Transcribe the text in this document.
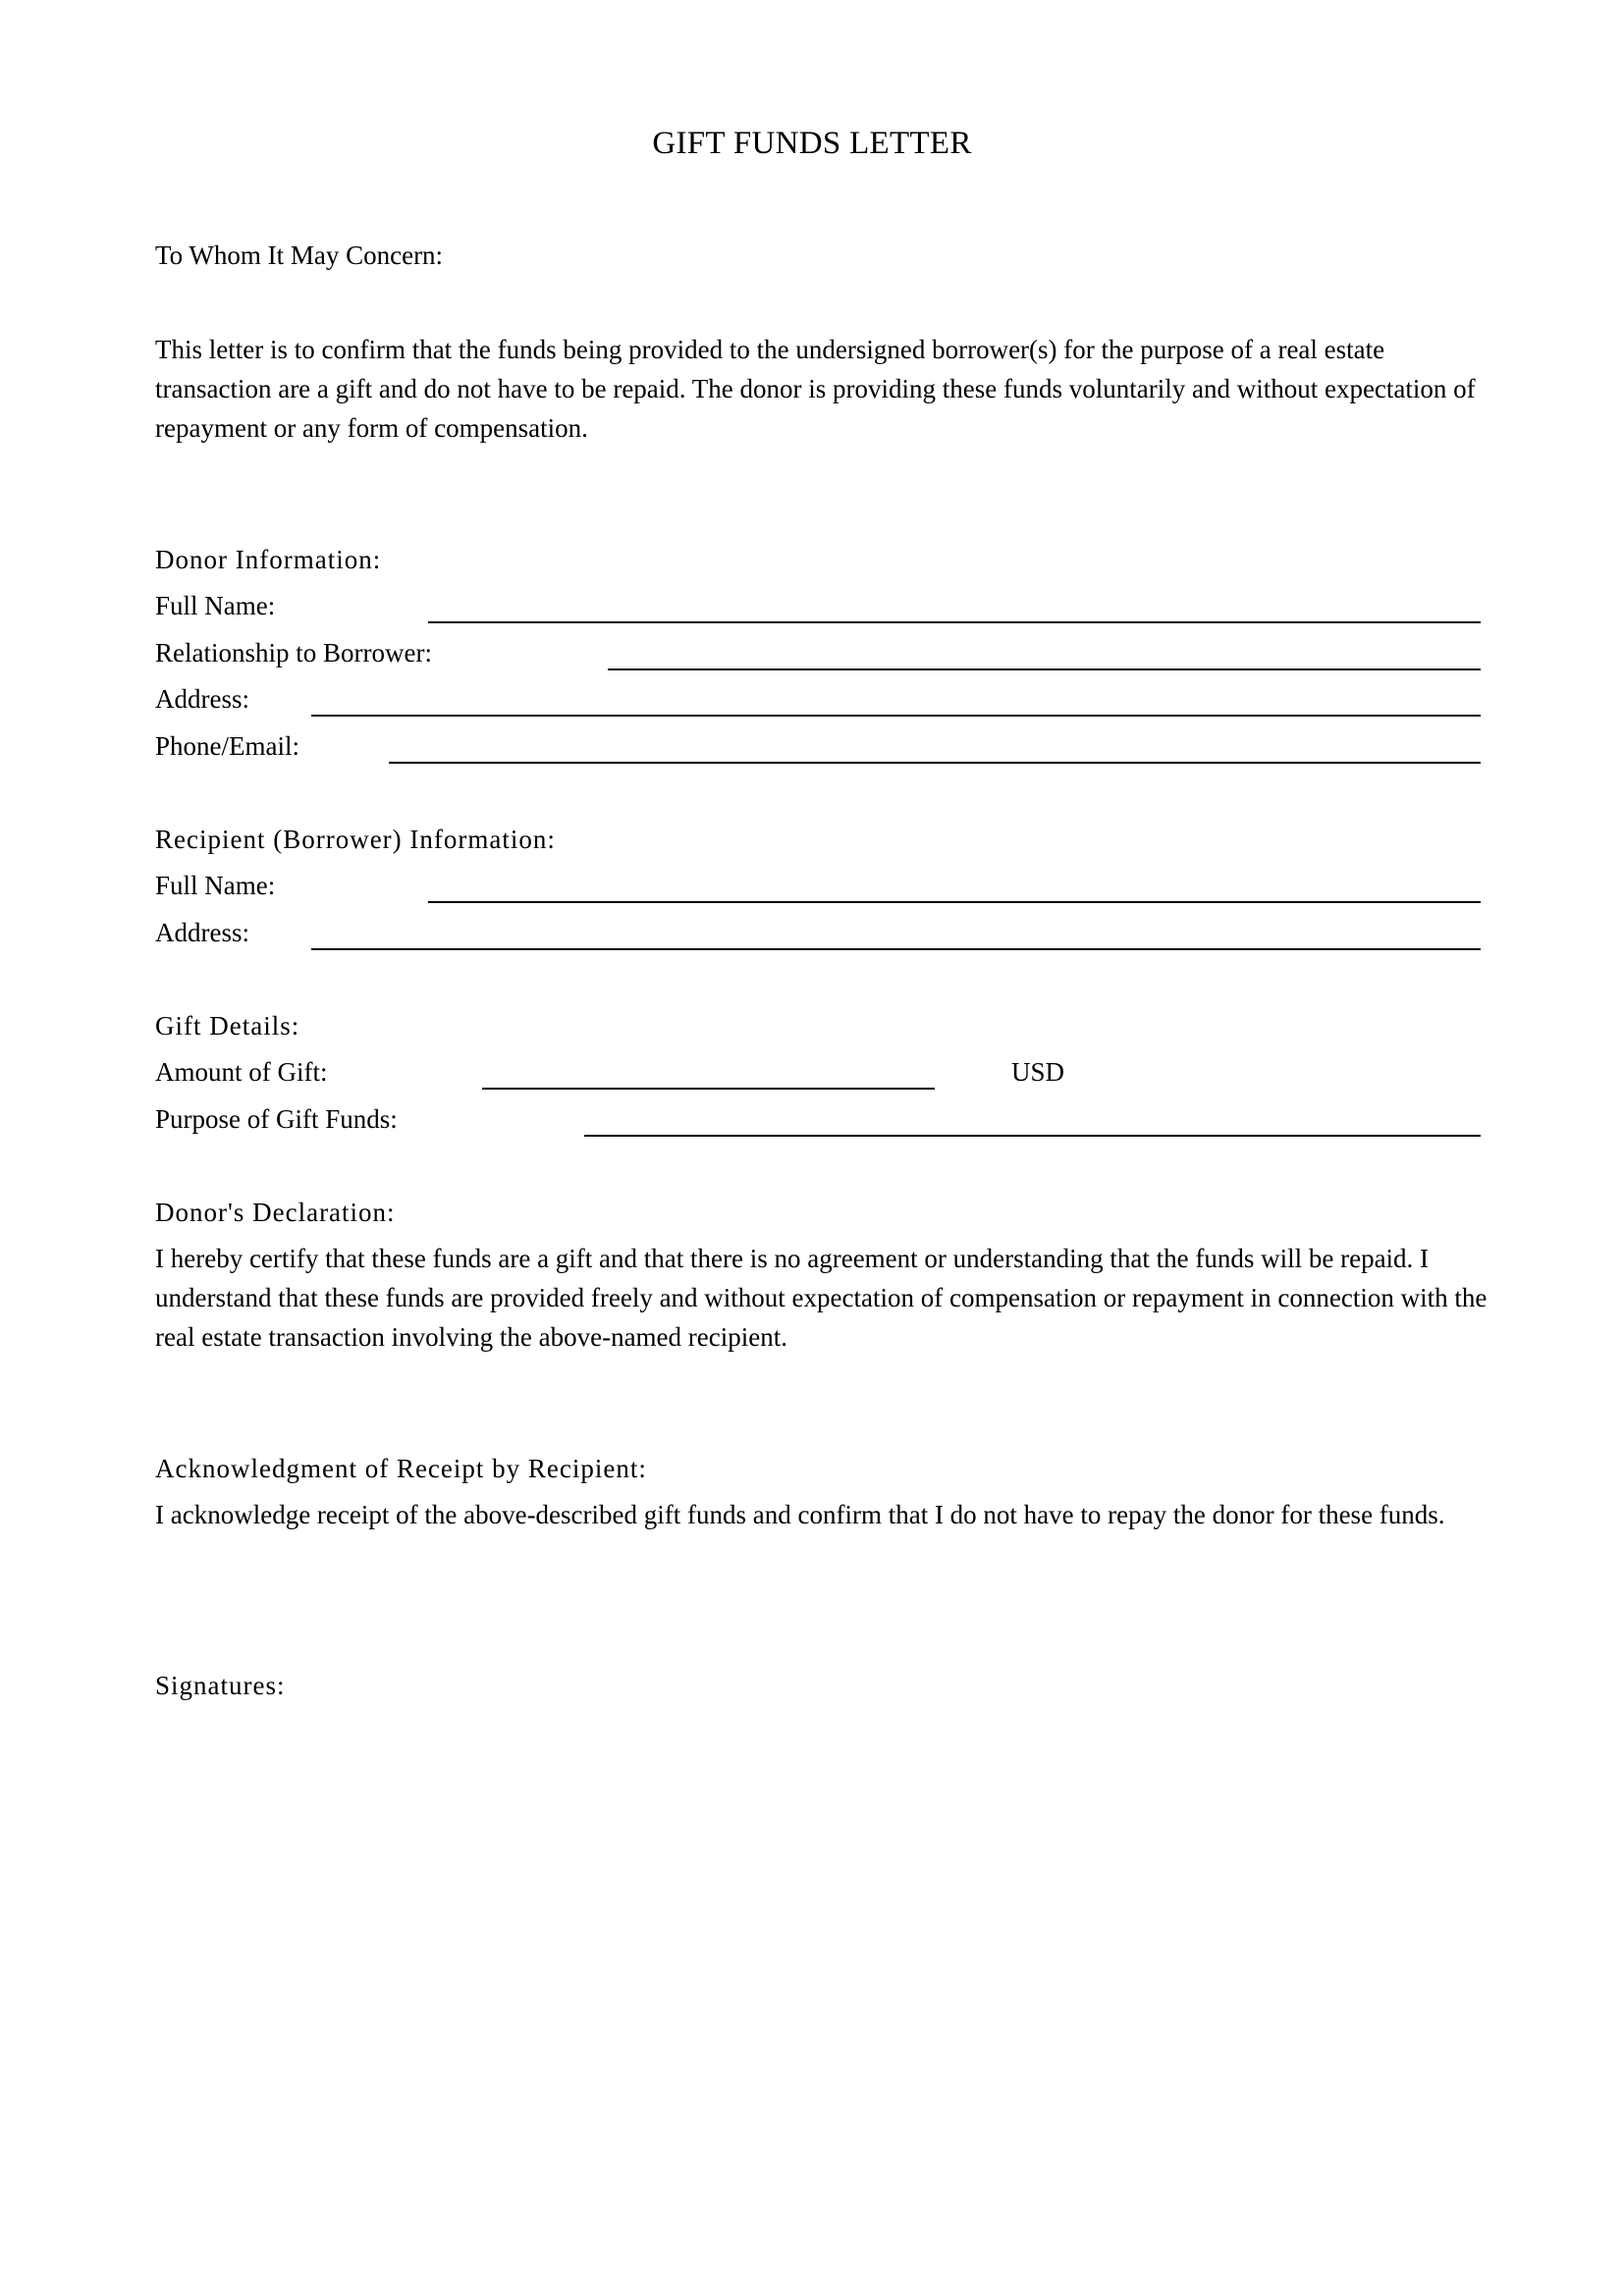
GIFT FUNDS LETTER
To Whom It May Concern:
This letter is to confirm that the funds being provided to the undersigned borrower(s) for the purpose of a real estate transaction are a gift and do not have to be repaid. The donor is providing these funds voluntarily and without expectation of repayment or any form of compensation.
Donor Information:
Full Name:
Relationship to Borrower:
Address:
Phone/Email:
Recipient (Borrower) Information:
Full Name:
Address:
Gift Details:
Amount of Gift:	USD
Purpose of Gift Funds:
Donor's Declaration:
I hereby certify that these funds are a gift and that there is no agreement or understanding that the funds will be repaid. I understand that these funds are provided freely and without expectation of compensation or repayment in connection with the real estate transaction involving the above-named recipient.
Acknowledgment of Receipt by Recipient:
I acknowledge receipt of the above-described gift funds and confirm that I do not have to repay the donor for these funds.
Signatures:
